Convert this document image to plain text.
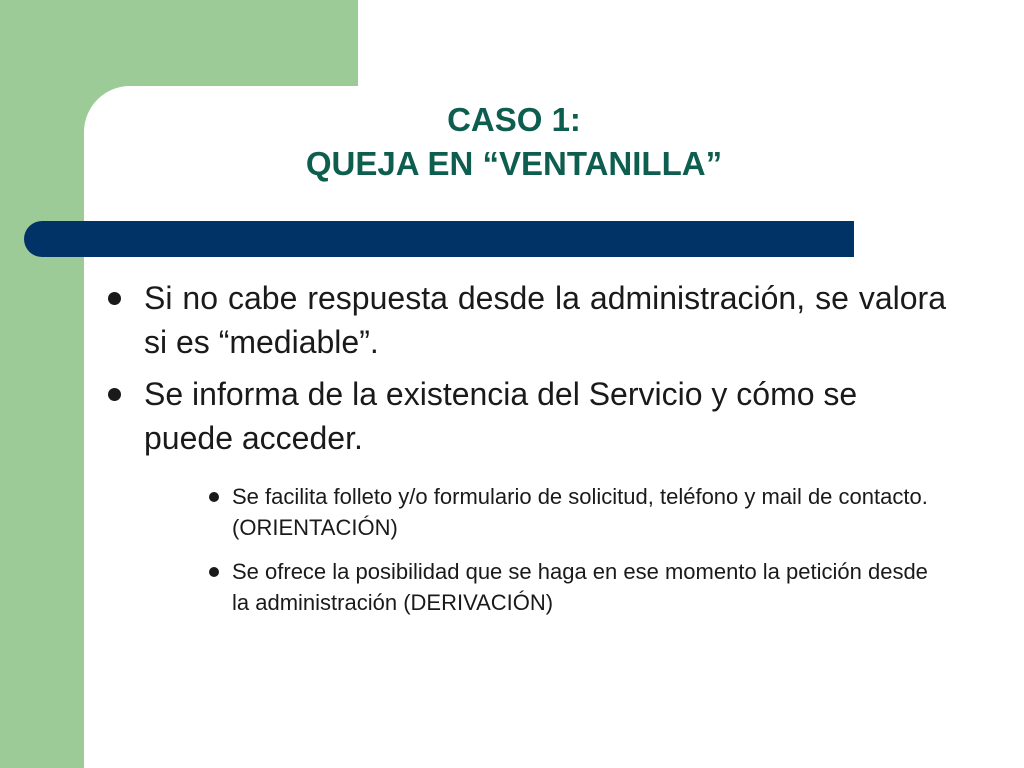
CASO 1:
QUEJA EN “VENTANILLA”
Si no cabe respuesta desde la administración, se valora si es “mediable”.
Se informa de la existencia del Servicio y cómo se puede acceder.
Se facilita folleto y/o formulario de solicitud, teléfono y mail de contacto. (ORIENTACIÓN)
Se ofrece la posibilidad que se haga en ese momento la petición desde la administración (DERIVACIÓN)
